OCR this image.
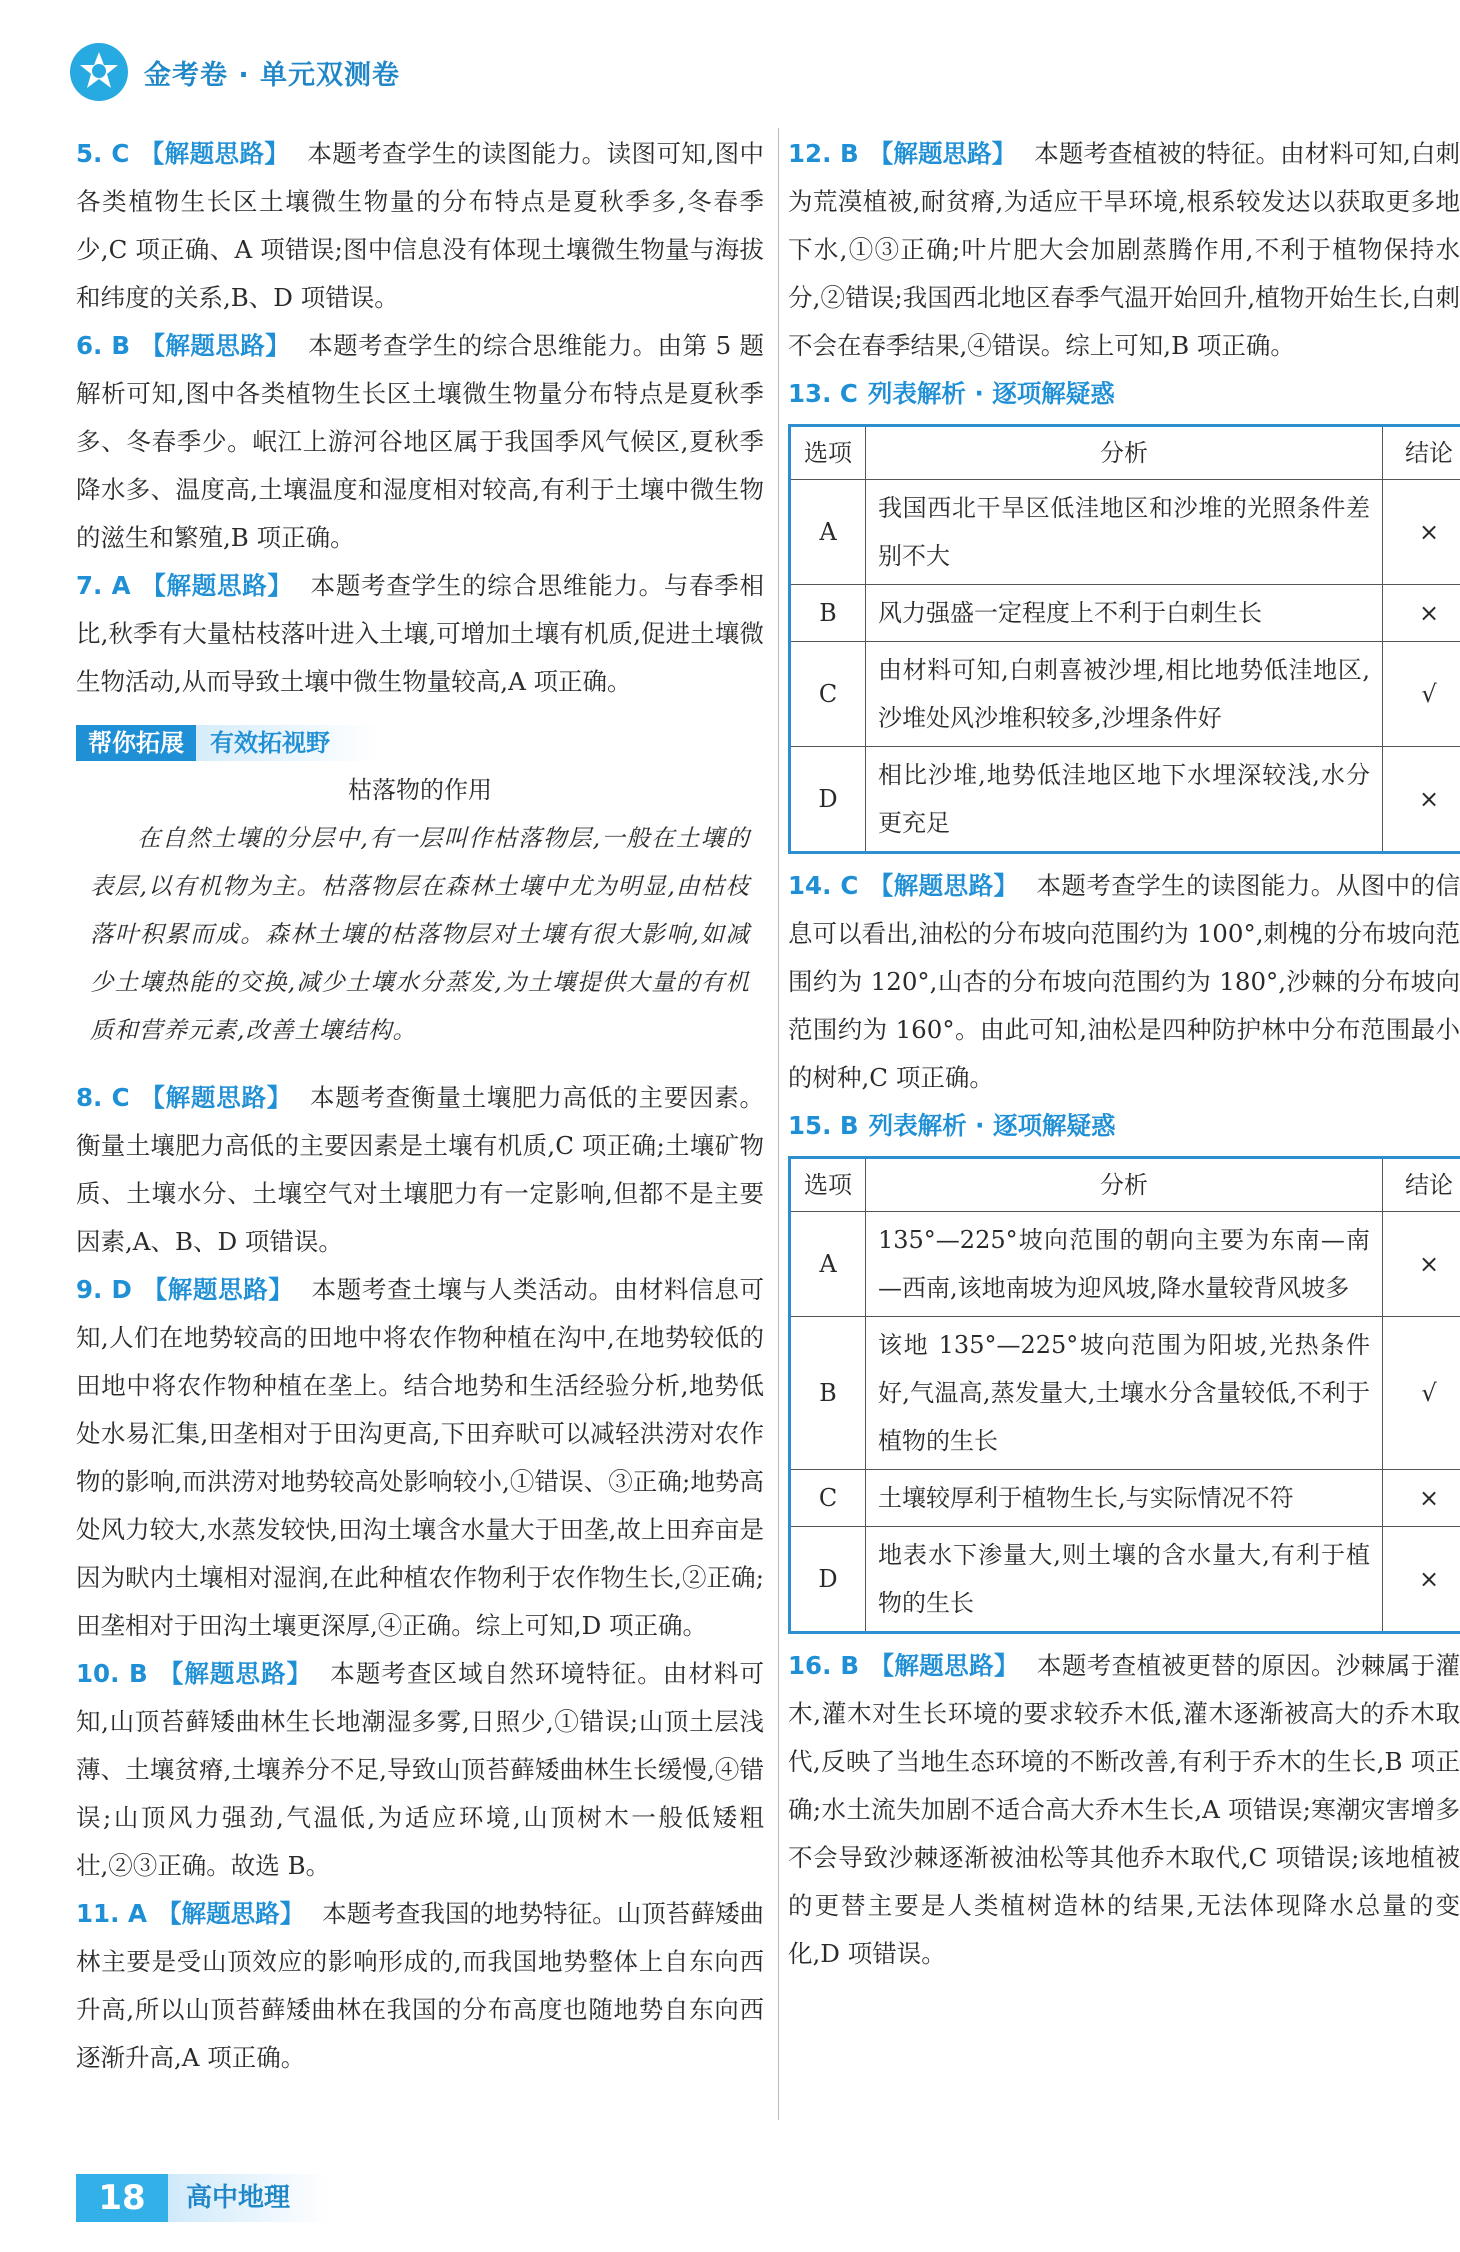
金考卷 · 单元双测卷

5. C 【解题思路】 本题考查学生的读图能力。读图可知,图中各类植物生长区土壤微生物量的分布特点是夏秋季多,冬春季少,C 项正确、A 项错误;图中信息没有体现土壤微生物量与海拔和纬度的关系,B、D 项错误。

6. B 【解题思路】 本题考查学生的综合思维能力。由第 5 题解析可知,图中各类植物生长区土壤微生物量分布特点是夏秋季多、冬春季少。岷江上游河谷地区属于我国季风气候区,夏秋季降水多、温度高,土壤温度和湿度相对较高,有利于土壤中微生物的滋生和繁殖,B 项正确。

7. A 【解题思路】 本题考查学生的综合思维能力。与春季相比,秋季有大量枯枝落叶进入土壤,可增加土壤有机质,促进土壤微生物活动,从而导致土壤中微生物量较高,A 项正确。

帮你拓展	有效拓视野
枯落物的作用

在自然土壤的分层中,有一层叫作枯落物层,一般在土壤的表层,以有机物为主。枯落物层在森林土壤中尤为明显,由枯枝落叶积累而成。森林土壤的枯落物层对土壤有很大影响,如减少土壤热能的交换,减少土壤水分蒸发,为土壤提供大量的有机质和营养元素,改善土壤结构。

8. C 【解题思路】 本题考查衡量土壤肥力高低的主要因素。衡量土壤肥力高低的主要因素是土壤有机质,C 项正确;土壤矿物质、土壤水分、土壤空气对土壤肥力有一定影响,但都不是主要因素,A、B、D 项错误。

9. D 【解题思路】 本题考查土壤与人类活动。由材料信息可知,人们在地势较高的田地中将农作物种植在沟中,在地势较低的田地中将农作物种植在垄上。结合地势和生活经验分析,地势低处水易汇集,田垄相对于田沟更高,下田弃畎可以减轻洪涝对农作物的影响,而洪涝对地势较高处影响较小,①错误、③正确;地势高处风力较大,水蒸发较快,田沟土壤含水量大于田垄,故上田弃亩是因为畎内土壤相对湿润,在此种植农作物利于农作物生长,②正确;田垄相对于田沟土壤更深厚,④正确。综上可知,D 项正确。

10. B 【解题思路】 本题考查区域自然环境特征。由材料可知,山顶苔藓矮曲林生长地潮湿多雾,日照少,①错误;山顶土层浅薄、土壤贫瘠,土壤养分不足,导致山顶苔藓矮曲林生长缓慢,④错误;山顶风力强劲,气温低,为适应环境,山顶树木一般低矮粗壮,②③正确。故选 B。

11. A 【解题思路】 本题考查我国的地势特征。山顶苔藓矮曲林主要是受山顶效应的影响形成的,而我国地势整体上自东向西升高,所以山顶苔藓矮曲林在我国的分布高度也随地势自东向西逐渐升高,A 项正确。

12. B 【解题思路】 本题考查植被的特征。由材料可知,白刺为荒漠植被,耐贫瘠,为适应干旱环境,根系较发达以获取更多地下水,①③正确;叶片肥大会加剧蒸腾作用,不利于植物保持水分,②错误;我国西北地区春季气温开始回升,植物开始生长,白刺不会在春季结果,④错误。综上可知,B 项正确。

13. C 列表解析 · 逐项解疑惑

选项	分析	结论
A	我国西北干旱区低洼地区和沙堆的光照条件差别不大	×
B	风力强盛一定程度上不利于白刺生长	×
C	由材料可知,白刺喜被沙埋,相比地势低洼地区,沙堆处风沙堆积较多,沙埋条件好	√
D	相比沙堆,地势低洼地区地下水埋深较浅,水分更充足	×

14. C 【解题思路】 本题考查学生的读图能力。从图中的信息可以看出,油松的分布坡向范围约为 100°,刺槐的分布坡向范围约为 120°,山杏的分布坡向范围约为 180°,沙棘的分布坡向范围约为 160°。由此可知,油松是四种防护林中分布范围最小的树种,C 项正确。

15. B 列表解析 · 逐项解疑惑

选项	分析	结论
A	135°—225°坡向范围的朝向主要为东南—南—西南,该地南坡为迎风坡,降水量较背风坡多	×
B	该地 135°—225°坡向范围为阳坡,光热条件好,气温高,蒸发量大,土壤水分含量较低,不利于植物的生长	√
C	土壤较厚利于植物生长,与实际情况不符	×
D	地表水下渗量大,则土壤的含水量大,有利于植物的生长	×

16. B 【解题思路】 本题考查植被更替的原因。沙棘属于灌木,灌木对生长环境的要求较乔木低,灌木逐渐被高大的乔木取代,反映了当地生态环境的不断改善,有利于乔木的生长,B 项正确;水土流失加剧不适合高大乔木生长,A 项错误;寒潮灾害增多不会导致沙棘逐渐被油松等其他乔木取代,C 项错误;该地植被的更替主要是人类植树造林的结果,无法体现降水总量的变化,D 项错误。

18	高中地理
